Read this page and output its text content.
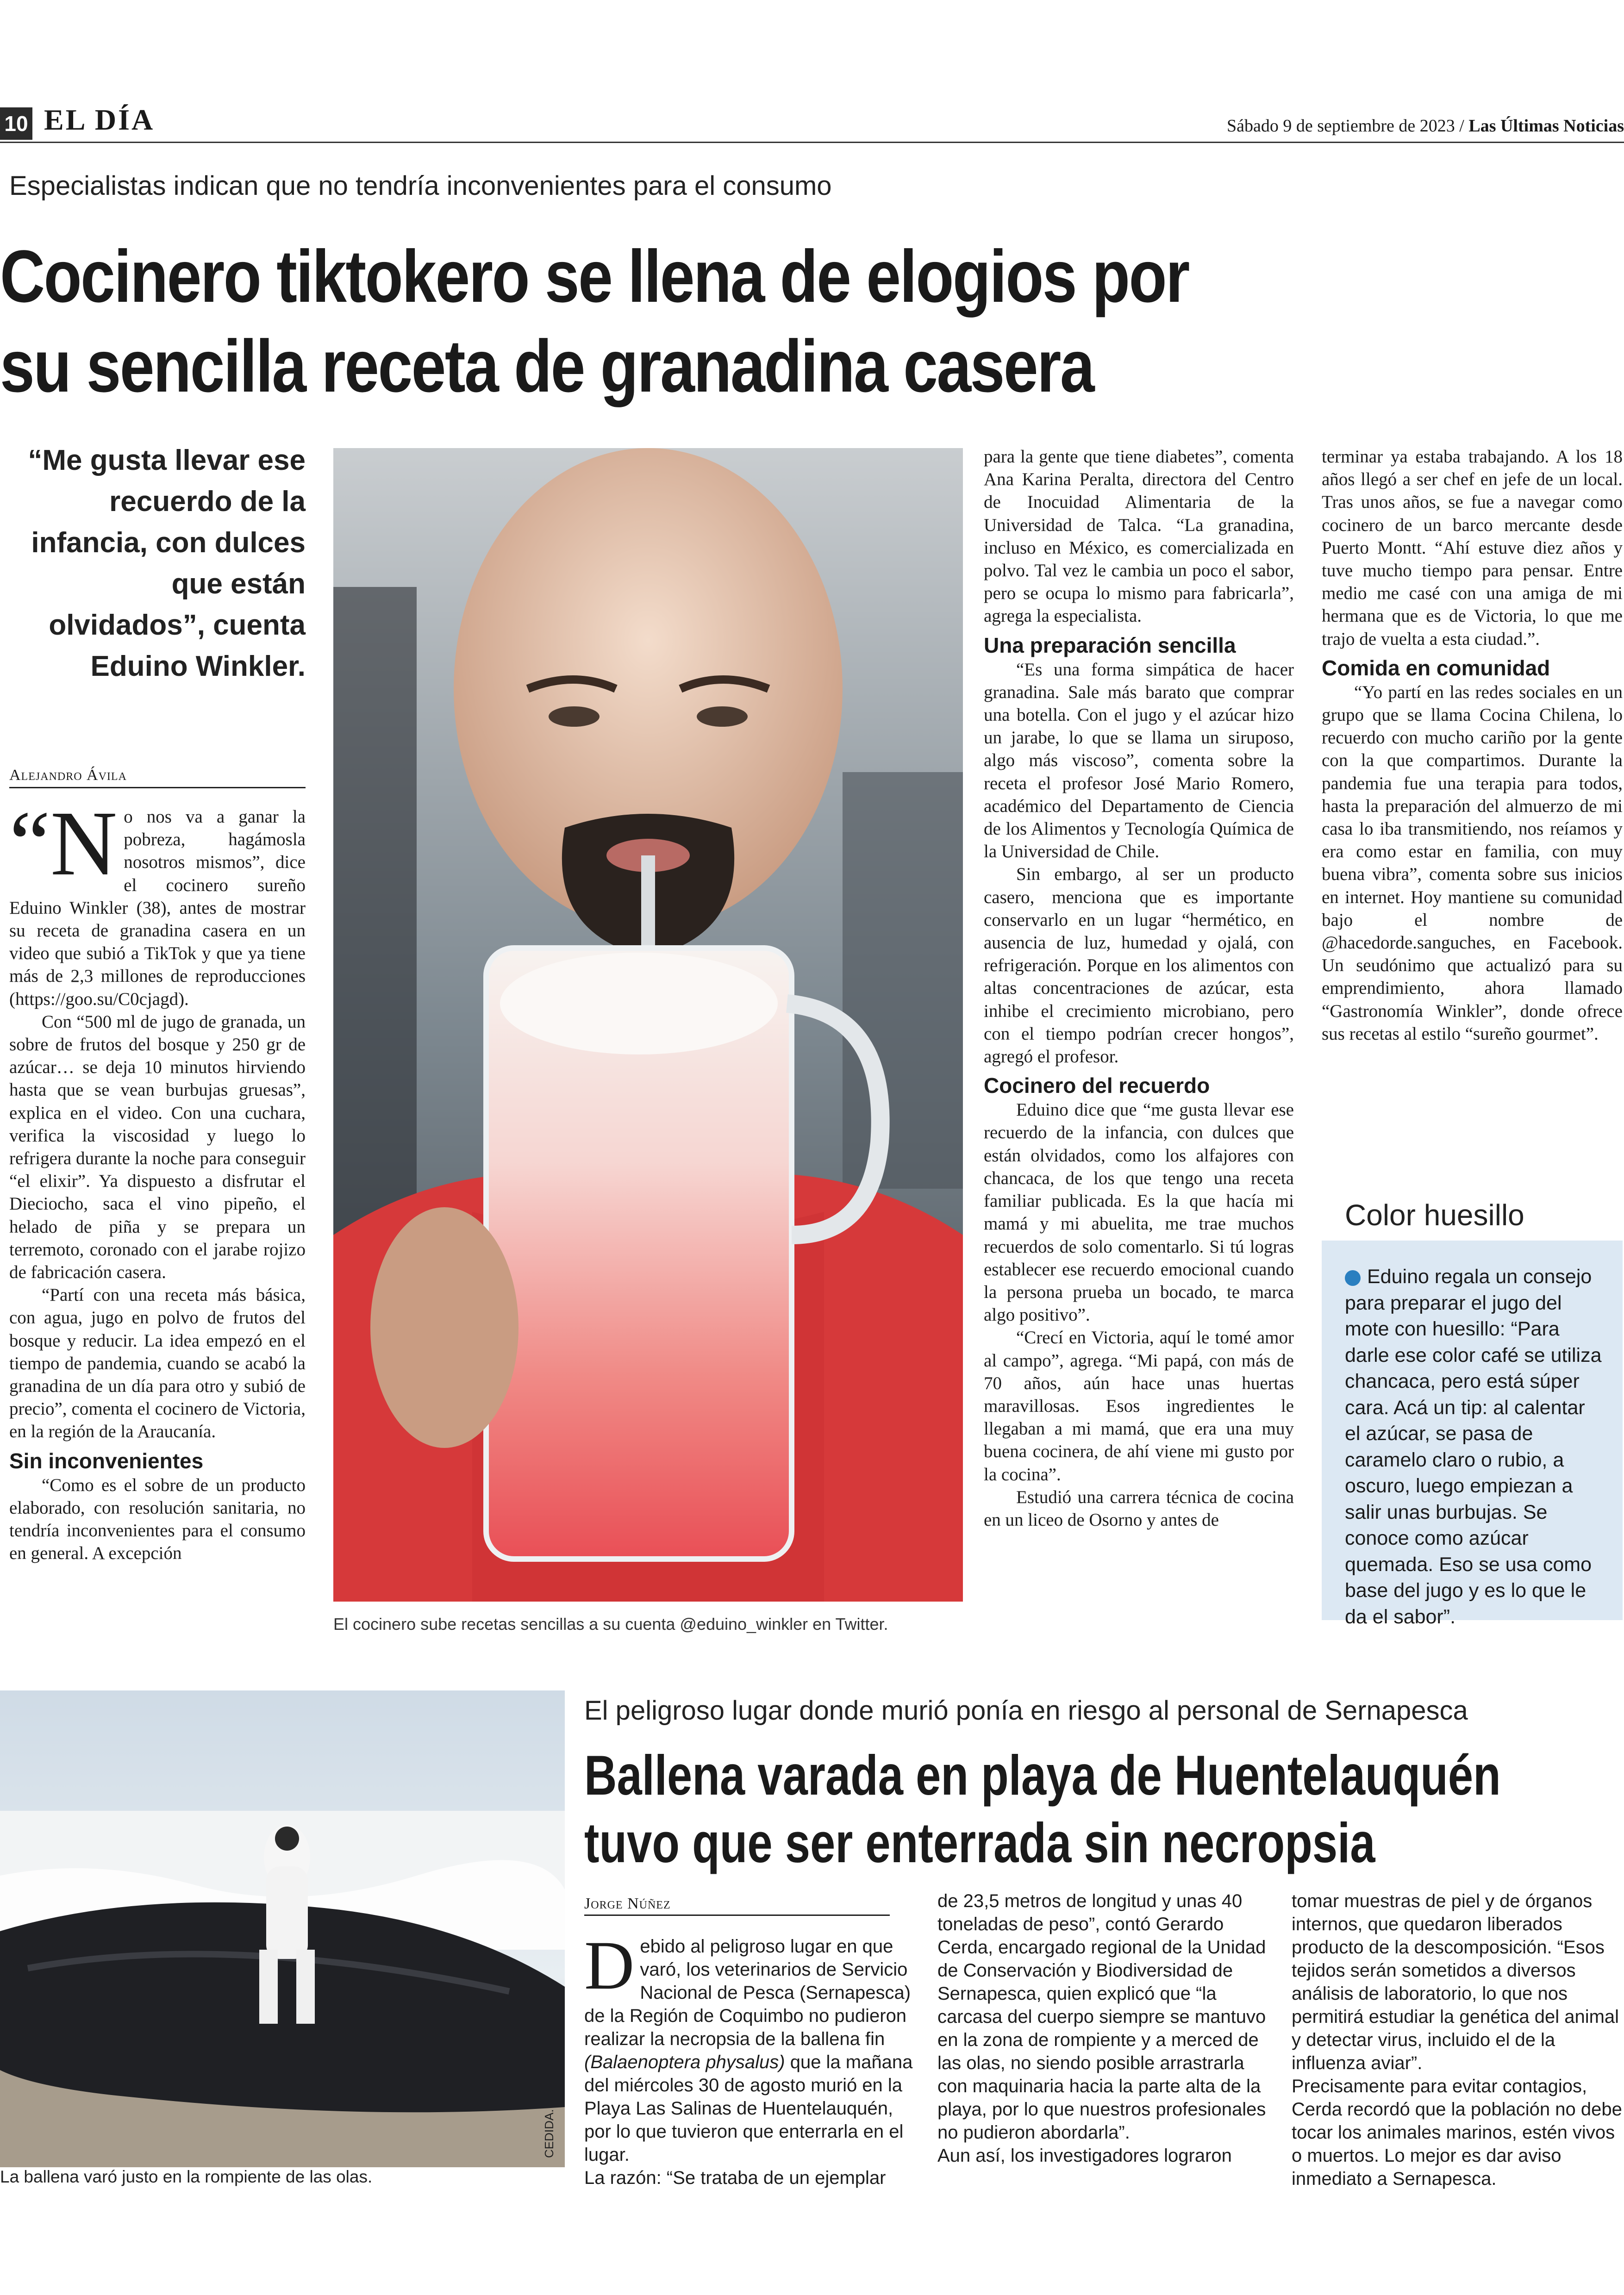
10 EL DÍA	Sábado 9 de septiembre de 2023 / Las Últimas Noticias
Especialistas indican que no tendría inconvenientes para el consumo
Cocinero tiktokero se llena de elogios por
su sencilla receta de granadina casera
“Me gusta llevar ese recuerdo de la infancia, con dulces que están olvidados”, cuenta Eduino Winkler.
Alejandro Ávila

“N o nos va a ganar la pobreza, hagámosla nosotros mismos”, dice el cocinero sureño Eduino Winkler (38), antes de mostrar su receta de granadina casera en un video que subió a TikTok y que ya tiene más de 2,3 millones de reproducciones (https://goo.su/C0cjagd).

Con “500 ml de jugo de granada, un sobre de frutos del bosque y 250 gr de azúcar… se deja 10 minutos hirviendo hasta que se vean burbujas gruesas”, explica en el video. Con una cuchara, verifica la viscosidad y luego lo refrigera durante la noche para conseguir “el elixir”. Ya dispuesto a disfrutar el Dieciocho, saca el vino pipeño, el helado de piña y se prepara un terremoto, coronado con el jarabe rojizo de fabricación casera.

“Partí con una receta más básica, con agua, jugo en polvo de frutos del bosque y reducir. La idea empezó en el tiempo de pandemia, cuando se acabó la granadina de un día para otro y subió de precio”, comenta el cocinero de Victoria, en la región de la Araucanía.

Sin inconvenientes

“Como es el sobre de un producto elaborado, con resolución sanitaria, no tendría inconvenientes para el consumo en general. A excepción

El cocinero sube recetas sencillas a su cuenta @eduino_winkler en Twitter.

para la gente que tiene diabetes”, comenta Ana Karina Peralta, directora del Centro de Inocuidad Alimentaria de la Universidad de Talca. “La granadina, incluso en México, es comercializada en polvo. Tal vez le cambia un poco el sabor, pero se ocupa lo mismo para fabricarla”, agrega la especialista.

Una preparación sencilla

“Es una forma simpática de hacer granadina. Sale más barato que comprar una botella. Con el jugo y el azúcar hizo un jarabe, lo que se llama un siruposo, algo más viscoso”, comenta sobre la receta el profesor José Mario Romero, académico del Departamento de Ciencia de los Alimentos y Tecnología Química de la Universidad de Chile.

Sin embargo, al ser un producto casero, menciona que es importante conservarlo en un lugar “hermético, en ausencia de luz, humedad y ojalá, con refrigeración. Porque en los alimentos con altas concentraciones de azúcar, esta inhibe el crecimiento microbiano, pero con el tiempo podrían crecer hongos”, agregó el profesor.

Cocinero del recuerdo

Eduino dice que “me gusta llevar ese recuerdo de la infancia, con dulces que están olvidados, como los alfajores con chancaca, de los que tengo una receta familiar publicada. Es la que hacía mi mamá y mi abuelita, me trae muchos recuerdos de solo comentarlo. Si tú logras establecer ese recuerdo emocional cuando la persona prueba un bocado, te marca algo positivo”.

“Crecí en Victoria, aquí le tomé amor al campo”, agrega. “Mi papá, con más de 70 años, aún hace unas huertas maravillosas. Esos ingredientes le llegaban a mi mamá, que era una muy buena cocinera, de ahí viene mi gusto por la cocina”.

Estudió una carrera técnica de cocina en un liceo de Osorno y antes de

terminar ya estaba trabajando. A los 18 años llegó a ser chef en jefe de un local. Tras unos años, se fue a navegar como cocinero de un barco mercante desde Puerto Montt. “Ahí estuve diez años y tuve mucho tiempo para pensar. Entre medio me casé con una amiga de mi hermana que es de Victoria, lo que me trajo de vuelta a esta ciudad.”.

Comida en comunidad

“Yo partí en las redes sociales en un grupo que se llama Cocina Chilena, lo recuerdo con mucho cariño por la gente con la que compartimos. Durante la pandemia fue una terapia para todos, hasta la preparación del almuerzo de mi casa lo iba transmitiendo, nos reíamos y era como estar en familia, con muy buena vibra”, comenta sobre sus inicios en internet. Hoy mantiene su comunidad bajo el nombre de @hacedorde.sanguches, en Facebook. Un seudónimo que actualizó para su emprendimiento, ahora llamado “Gastronomía Winkler”, donde ofrece sus recetas al estilo “sureño gourmet”.

Color huesillo
Eduino regala un consejo para preparar el jugo del mote con huesillo: “Para darle ese color café se utiliza chancaca, pero está súper cara. Acá un tip: al calentar el azúcar, se pasa de caramelo claro o rubio, a oscuro, luego empiezan a salir unas burbujas. Se conoce como azúcar quemada. Eso se usa como base del jugo y es lo que le da el sabor”.
CEDIDA.
La ballena varó justo en la rompiente de las olas.
El peligroso lugar donde murió ponía en riesgo al personal de Sernapesca
Ballena varada en playa de Huentelauquén
tuvo que ser enterrada sin necropsia
Jorge Núñez

D ebido al peligroso lugar en que varó, los veterinarios de Servicio Nacional de Pesca (Sernapesca) de la Región de Coquimbo no pudieron realizar la necropsia de la ballena fin (Balaenoptera physalus) que la mañana del miércoles 30 de agosto murió en la Playa Las Salinas de Huentelauquén, por lo que tuvieron que enterrarla en el lugar.

La razón: “Se trataba de un ejemplar

de 23,5 metros de longitud y unas 40 toneladas de peso”, contó Gerardo Cerda, encargado regional de la Unidad de Conservación y Biodiversidad de Sernapesca, quien explicó que “la carcasa del cuerpo siempre se mantuvo en la zona de rompiente y a merced de las olas, no siendo posible arrastrarla con maquinaria hacia la parte alta de la playa, por lo que nuestros profesionales no pudieron abordarla”.

Aun así, los investigadores lograron

tomar muestras de piel y de órganos internos, que quedaron liberados producto de la descomposición. “Esos tejidos serán sometidos a diversos análisis de laboratorio, lo que nos permitirá estudiar la genética del animal y detectar virus, incluido el de la influenza aviar”.

Precisamente para evitar contagios, Cerda recordó que la población no debe tocar los animales marinos, estén vivos o muertos. Lo mejor es dar aviso inmediato a Sernapesca.
